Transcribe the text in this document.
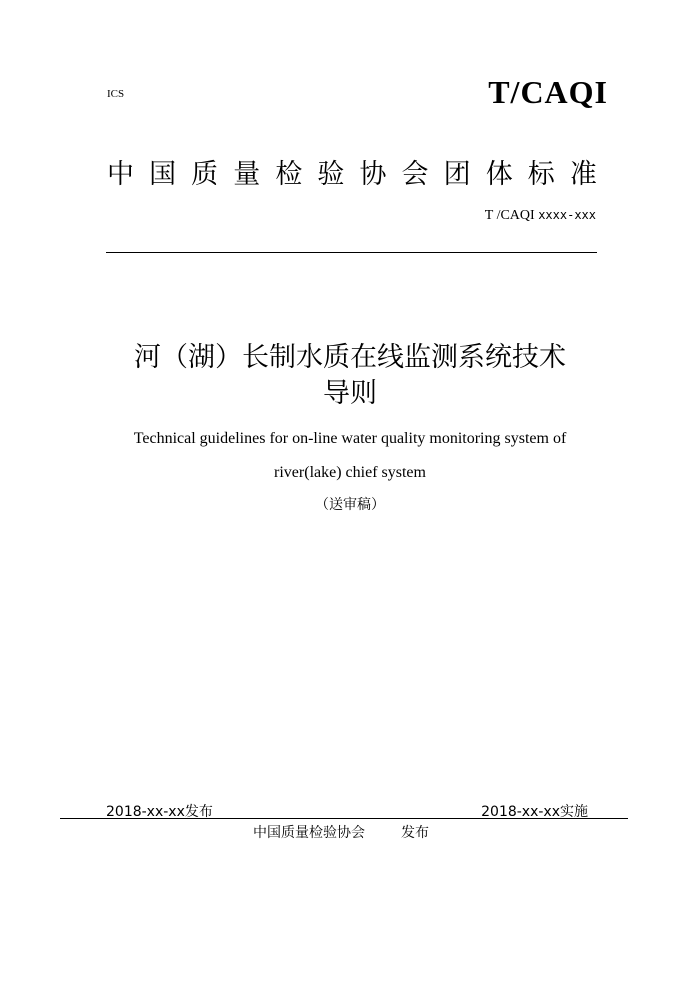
ICS	T/CAQI
中 国 质 量 检 验 协 会 团 体 标 准
T /CAQI xxxx-xxx
河（湖）长制水质在线监测系统技术
导则
Technical guidelines for on-line water quality monitoring system of
river(lake) chief system
（送审稿）
2018-xx-xx发布	2018-xx-xx实施
中国质量检验协会	发布
